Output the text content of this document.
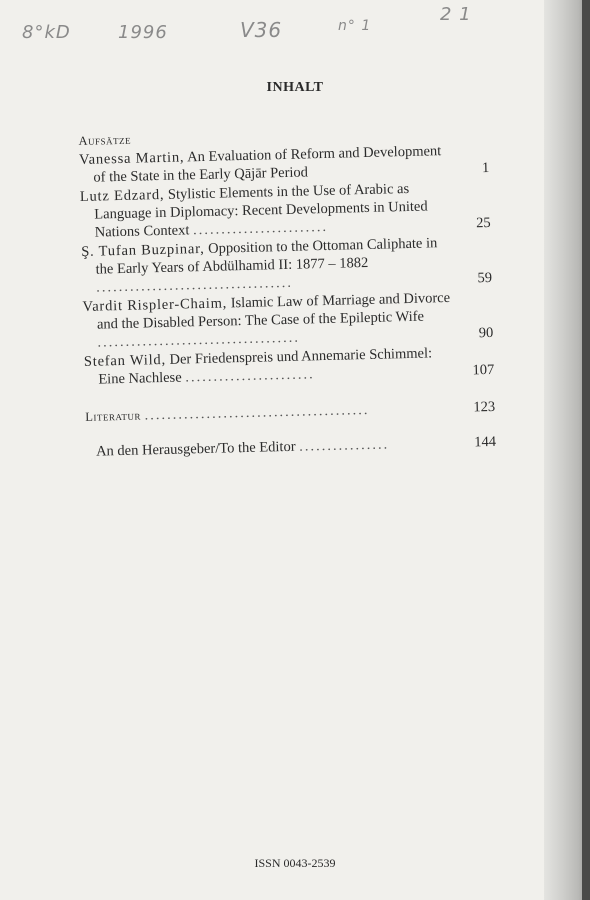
8°kD	1996	V36	n° 1
2 1
INHALT
Aufsätze
Vanessa Martin, An Evaluation of Reform and Development of the State in the Early Qājār Period	1
Lutz Edzard, Stylistic Elements in the Use of Arabic as Language in Diplomacy: Recent Developments in United Nations Context ........................	25
Ş. Tufan Buzpinar, Opposition to the Ottoman Caliphate in the Early Years of Abdülhamid II: 1877 – 1882 ...................................	59
Vardit Rispler-Chaim, Islamic Law of Marriage and Divorce and the Disabled Person: The Case of the Epileptic Wife ....................................	90
Stefan Wild, Der Friedenspreis und Annemarie Schimmel: Eine Nachlese .......................	107
Literatur ........................................	123
An den Herausgeber/To the Editor ................	144
ISSN 0043-2539
